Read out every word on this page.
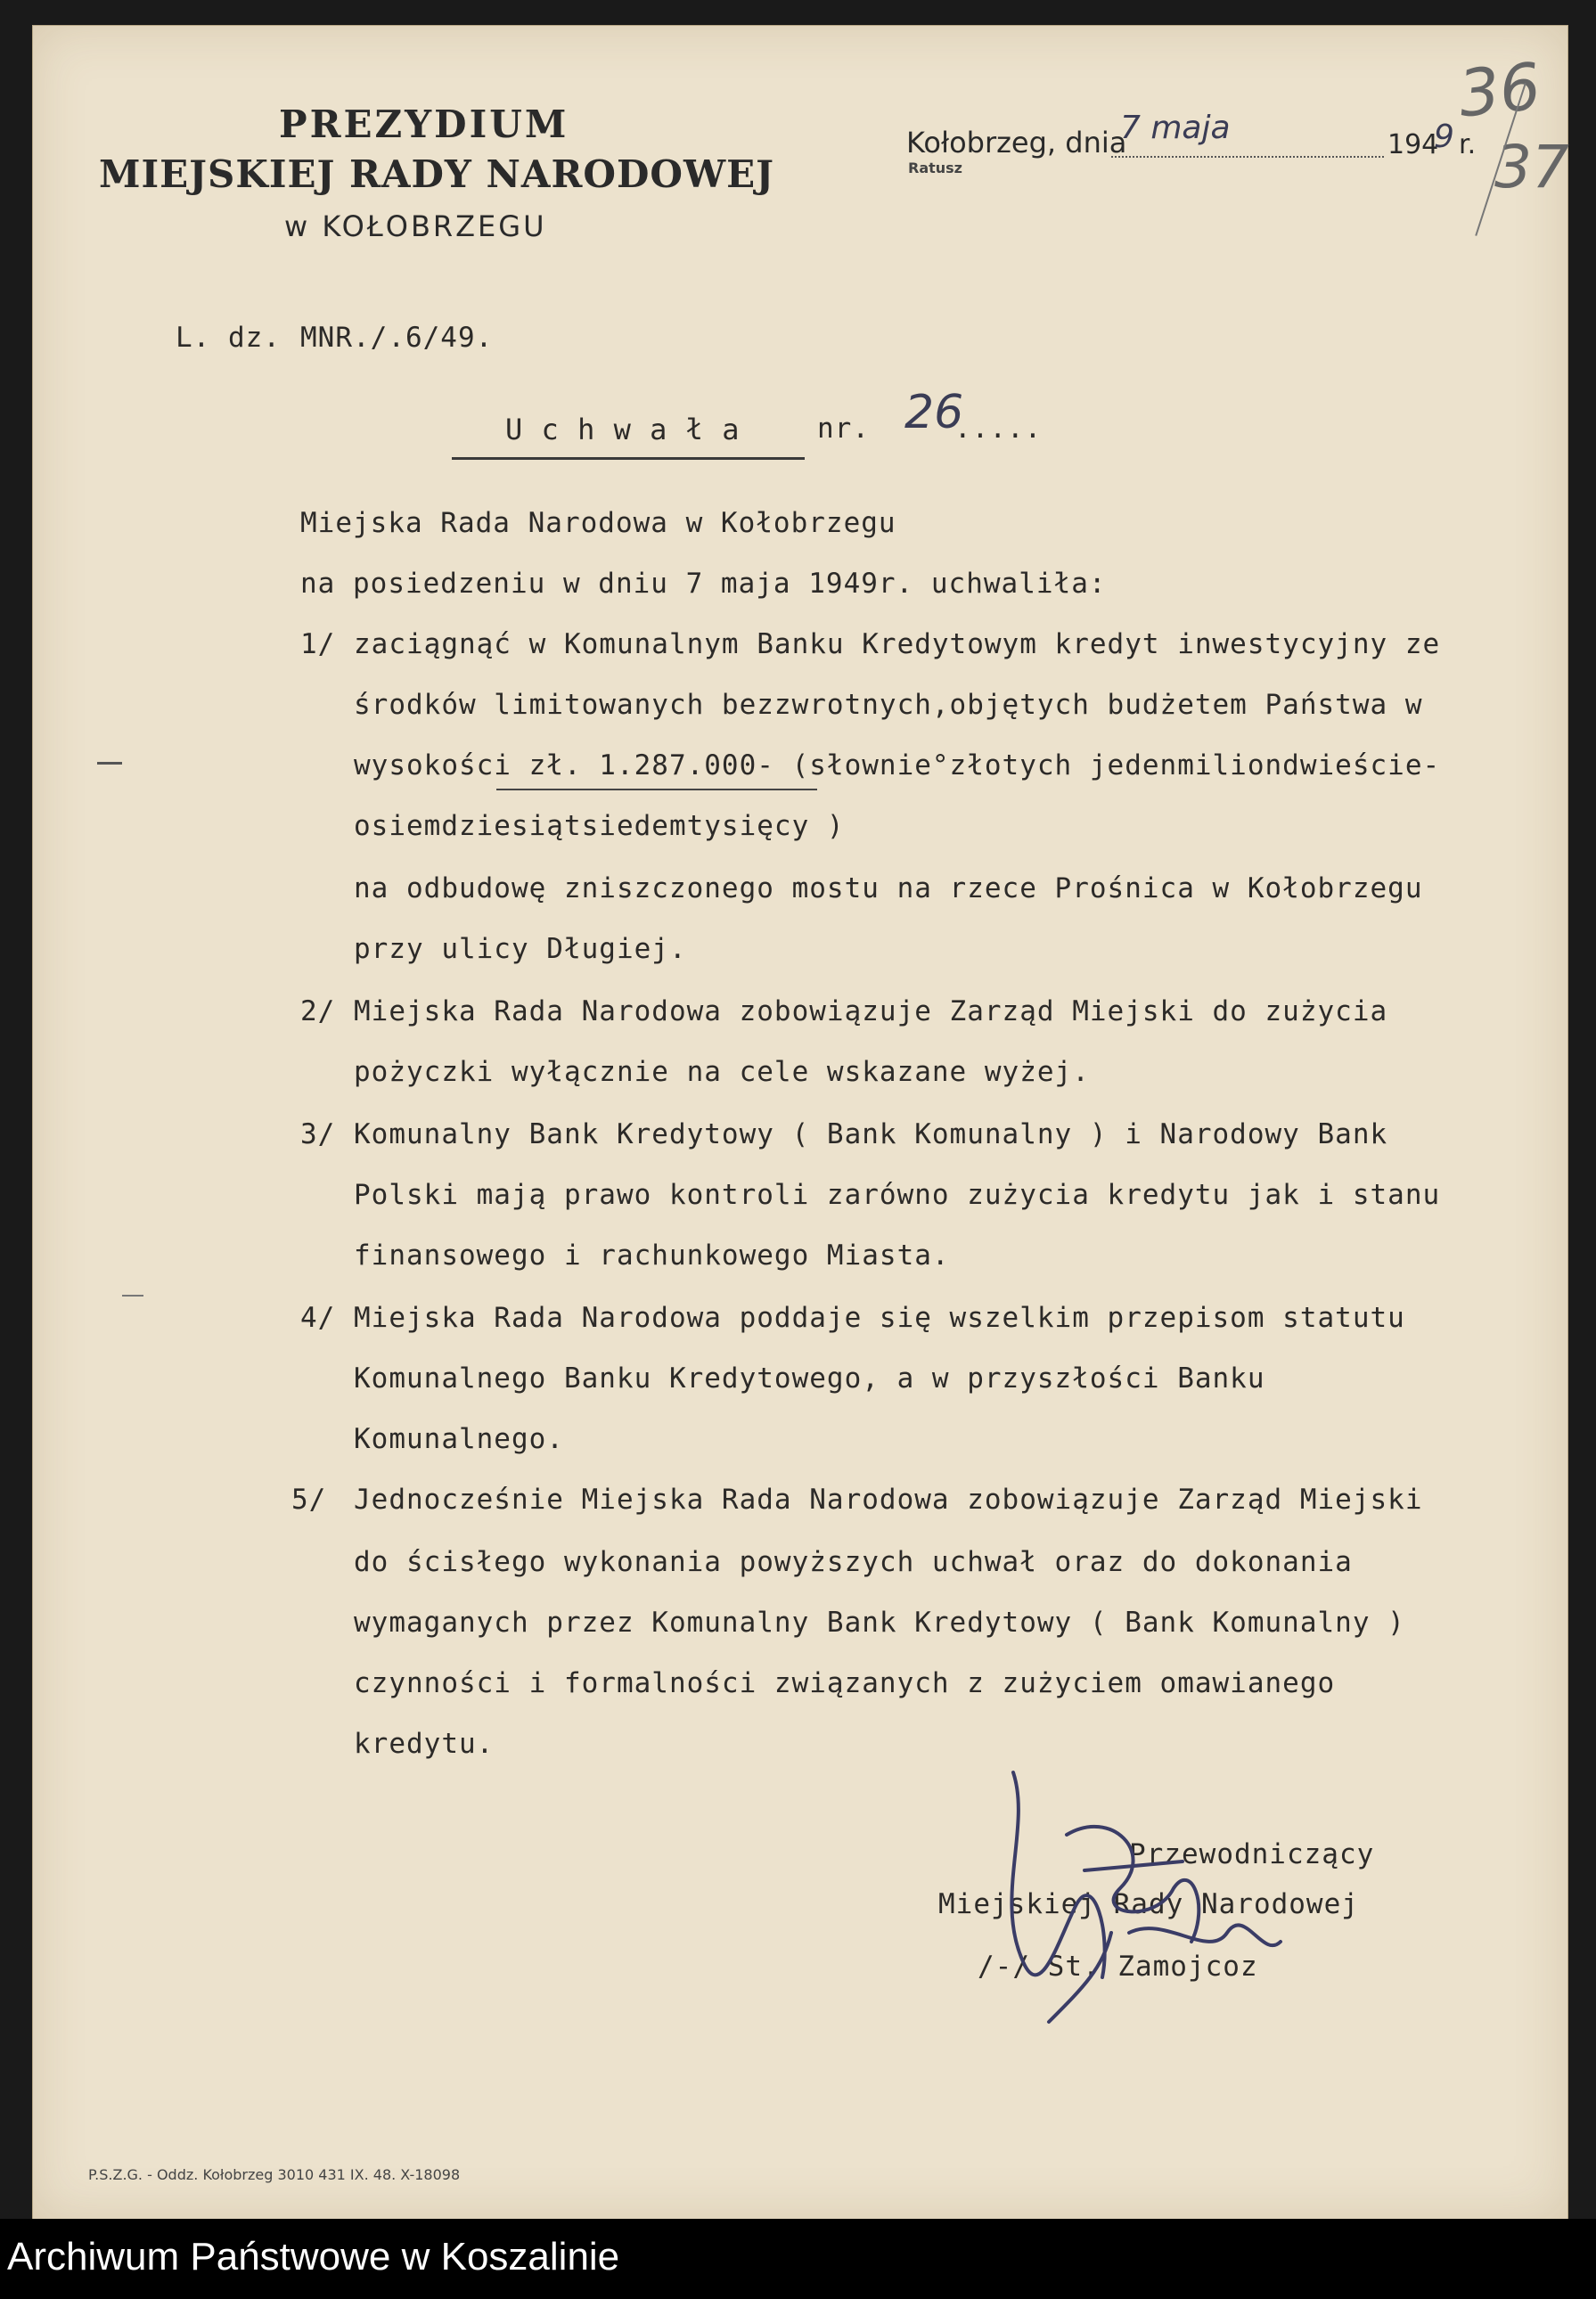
PREZYDIUM
MIEJSKIEJ RADY NARODOWEJ
w KOŁOBRZEGU
Kołobrzeg, dnia
7 maja	194
9 r.
Ratusz
36
37
L. dz. MNR./.6/49.
U c h w a ł a	nr. 26
.....
Miejska Rada Narodowa w Kołobrzegu
na posiedzeniu w dniu 7 maja 1949r. uchwaliła:
1/ zaciągnąć w Komunalnym Banku Kredytowym kredyt inwestycyjny ze
środków limitowanych bezzwrotnych,objętych budżetem Państwa w
wysokości zł. 1.287.000- (słownie°złotych jedenmiliondwieście-
osiemdziesiątsiedemtysięcy )
na odbudowę zniszczonego mostu na rzece Prośnica w Kołobrzegu
przy ulicy Długiej.
2/ Miejska Rada Narodowa zobowiązuje Zarząd Miejski do zużycia
pożyczki wyłącznie na cele wskazane wyżej.
3/ Komunalny Bank Kredytowy ( Bank Komunalny ) i Narodowy Bank
Polski mają prawo kontroli zarówno zużycia kredytu jak i stanu
finansowego i rachunkowego Miasta.
4/ Miejska Rada Narodowa poddaje się wszelkim przepisom statutu
Komunalnego Banku Kredytowego, a w przyszłości Banku
Komunalnego.
5/ Jednocześnie Miejska Rada Narodowa zobowiązuje Zarząd Miejski
do ścisłego wykonania powyższych uchwał oraz do dokonania
wymaganych przez Komunalny Bank Kredytowy ( Bank Komunalny )
czynności i formalności związanych z zużyciem omawianego
kredytu.
Przewodniczący
Miejskiej Rady Narodowej
/-/ St. Zamojcoz
P.S.Z.G. - Oddz. Kołobrzeg 3010 431 IX. 48. X-18098
Archiwum Państwowe w Koszalinie
